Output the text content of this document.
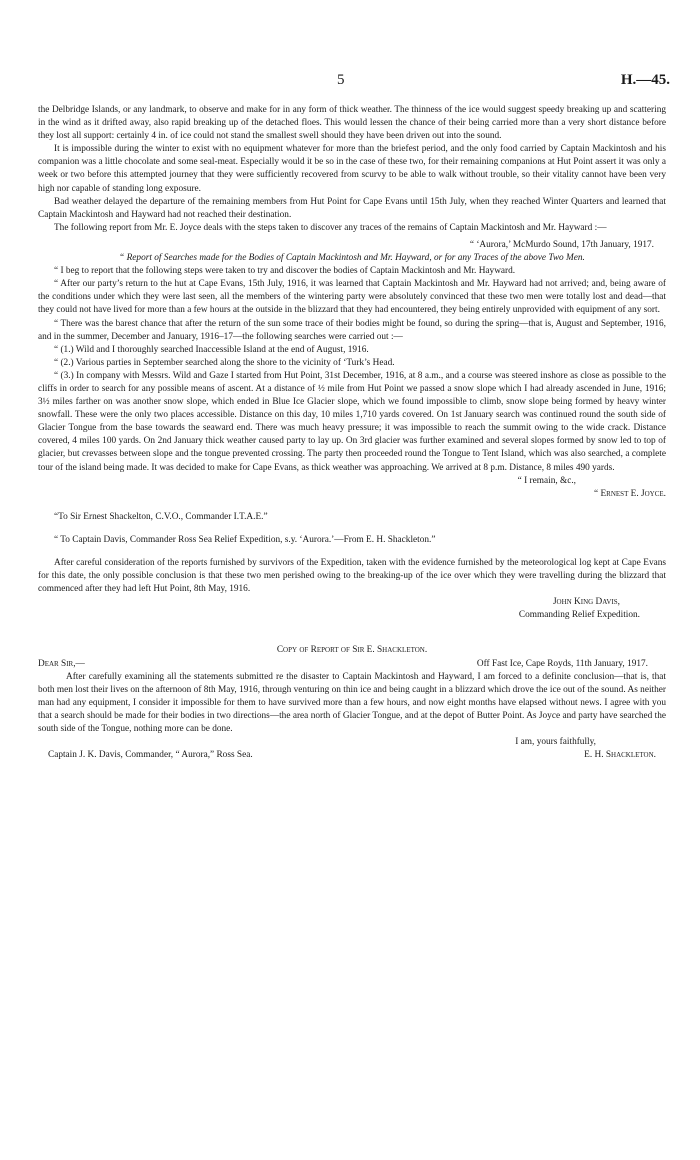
5	H.—45.

the Delbridge Islands, or any landmark, to observe and make for in any form of thick weather. The thinness of the ice would suggest speedy breaking up and scattering in the wind as it drifted away, also rapid breaking up of the detached floes. This would lessen the chance of their being carried more than a very short distance before they lost all support: certainly 4 in. of ice could not stand the smallest swell should they have been driven out into the sound.

It is impossible during the winter to exist with no equipment whatever for more than the briefest period, and the only food carried by Captain Mackintosh and his companion was a little chocolate and some seal-meat. Especially would it be so in the case of these two, for their remaining companions at Hut Point assert it was only a week or two before this attempted journey that they were sufficiently recovered from scurvy to be able to walk without trouble, so their vitality cannot have been very high nor capable of standing long exposure.

Bad weather delayed the departure of the remaining members from Hut Point for Cape Evans until 15th July, when they reached Winter Quarters and learned that Captain Mackintosh and Hayward had not reached their destination.

The following report from Mr. E. Joyce deals with the steps taken to discover any traces of the remains of Captain Mackintosh and Mr. Hayward :—

“ ‘Aurora,’ McMurdo Sound, 17th January, 1917.

“ Report of Searches made for the Bodies of Captain Mackintosh and Mr. Hayward, or for any Traces of the above Two Men.

“ I beg to report that the following steps were taken to try and discover the bodies of Captain Mackintosh and Mr. Hayward.

“ After our party’s return to the hut at Cape Evans, 15th July, 1916, it was learned that Captain Mackintosh and Mr. Hayward had not arrived; and, being aware of the conditions under which they were last seen, all the members of the wintering party were absolutely convinced that these two men were totally lost and dead—that they could not have lived for more than a few hours at the outside in the blizzard that they had encountered, they being entirely unprovided with equipment of any sort.

“ There was the barest chance that after the return of the sun some trace of their bodies might be found, so during the spring—that is, August and September, 1916, and in the summer, December and January, 1916–17—the following searches were carried out :—

“ (1.) Wild and I thoroughly searched Inaccessible Island at the end of August, 1916.

“ (2.) Various parties in September searched along the shore to the vicinity of ‘Turk’s Head.

“ (3.) In company with Messrs. Wild and Gaze I started from Hut Point, 31st December, 1916, at 8 a.m., and a course was steered inshore as close as possible to the cliffs in order to search for any possible means of ascent. At a distance of ½ mile from Hut Point we passed a snow slope which I had already ascended in June, 1916; 3½ miles farther on was another snow slope, which ended in Blue Ice Glacier slope, which we found impossible to climb, snow slope being formed by heavy winter snowfall. These were the only two places accessible. Distance on this day, 10 miles 1,710 yards covered. On 1st January search was continued round the south side of Glacier Tongue from the base towards the seaward end. There was much heavy pressure; it was impossible to reach the summit owing to the wide crack. Distance covered, 4 miles 100 yards. On 2nd January thick weather caused party to lay up. On 3rd glacier was further examined and several slopes formed by snow led to top of glacier, but crevasses between slope and the tongue prevented crossing. The party then proceeded round the Tongue to Tent Island, which was also searched, a complete tour of the island being made. It was decided to make for Cape Evans, as thick weather was approaching. We arrived at 8 p.m. Distance, 8 miles 490 yards.

“ I remain, &c.,

“ Ernest E. Joyce.

“To Sir Ernest Shackelton, C.V.O., Commander I.T.A.E.”

“ To Captain Davis, Commander Ross Sea Relief Expedition, s.y. ‘Aurora.’—From E. H. Shackleton.”

After careful consideration of the reports furnished by survivors of the Expedition, taken with the evidence furnished by the meteorological log kept at Cape Evans for this date, the only possible conclusion is that these two men perished owing to the breaking-up of the ice over which they were travelling during the blizzard that commenced after they had left Hut Point, 8th May, 1916.

John King Davis,

Commanding Relief Expedition.

Copy of Report of Sir E. Shackleton.

Dear Sir,—	Off Fast Ice, Cape Royds, 11th January, 1917.

After carefully examining all the statements submitted re the disaster to Captain Mackintosh and Hayward, I am forced to a definite conclusion—that is, that both men lost their lives on the afternoon of 8th May, 1916, through venturing on thin ice and being caught in a blizzard which drove the ice out of the sound. As neither man had any equipment, I consider it impossible for them to have survived more than a few hours, and now eight months have elapsed without news. I agree with you that a search should be made for their bodies in two directions—the area north of Glacier Tongue, and at the depot of Butter Point. As Joyce and party have searched the south side of the Tongue, nothing more can be done.

I am, yours faithfully,

Captain J. K. Davis, Commander, “ Aurora,” Ross Sea.	E. H. Shackleton.
